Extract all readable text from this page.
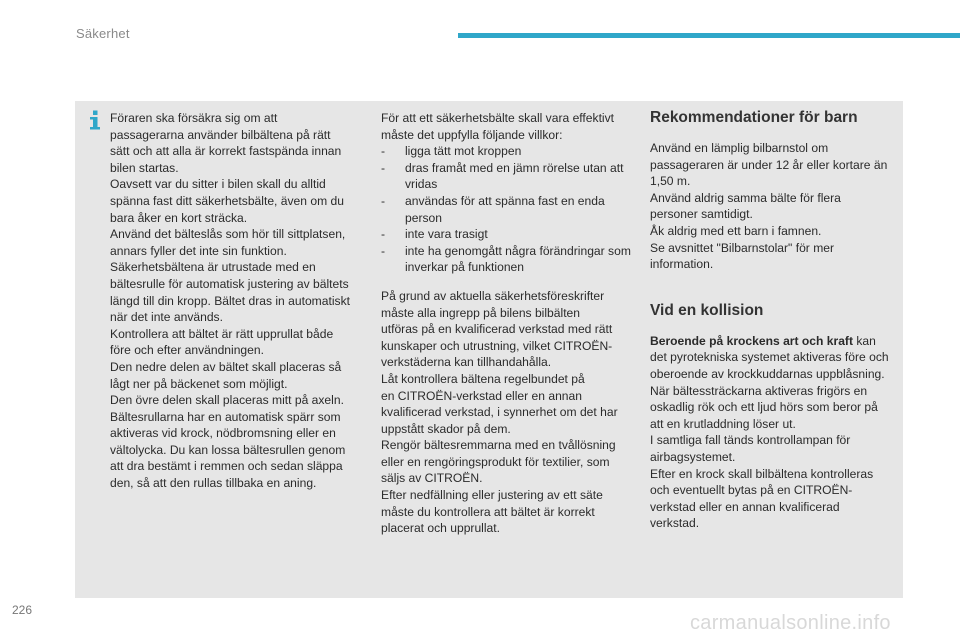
Säkerhet

Föraren ska försäkra sig om att

passagerarna använder bilbältena på rätt

sätt och att alla är korrekt fastspända innan

bilen startas.

Oavsett var du sitter i bilen skall du alltid

spänna fast ditt säkerhetsbälte, även om du

bara åker en kort sträcka.

Använd det bälteslås som hör till sittplatsen,

annars fyller det inte sin funktion.

Säkerhetsbältena är utrustade med en

bältesrulle för automatisk justering av bältets

längd till din kropp. Bältet dras in automatiskt

när det inte används.

Kontrollera att bältet är rätt upprullat både

före och efter användningen.

Den nedre delen av bältet skall placeras så

lågt ner på bäckenet som möjligt.

Den övre delen skall placeras mitt på axeln.

Bältesrullarna har en automatisk spärr som

aktiveras vid krock, nödbromsning eller en

vältolycka. Du kan lossa bältesrullen genom

att dra bestämt i remmen och sedan släppa

den, så att den rullas tillbaka en aning.

För att ett säkerhetsbälte skall vara effektivt

måste det uppfylla följande villkor:

- ligga tätt mot kroppen
- dras framåt med en jämn rörelse utan att vridas
- användas för att spänna fast en enda person
- inte vara trasigt
- inte ha genomgått några förändringar som inverkar på funktionen

På grund av aktuella säkerhetsföreskrifter

måste alla ingrepp på bilens bilbälten

utföras på en kvalificerad verkstad med rätt

kunskaper och utrustning, vilket CITROËN-

verkstäderna kan tillhandahålla.

Låt kontrollera bältena regelbundet på

en CITROËN-verkstad eller en annan

kvalificerad verkstad, i synnerhet om det har

uppstått skador på dem.

Rengör bältesremmarna med en tvållösning

eller en rengöringsprodukt för textilier, som

säljs av CITROËN.

Efter nedfällning eller justering av ett säte

måste du kontrollera att bältet är korrekt

placerat och upprullat.

Rekommendationer för barn

Använd en lämplig bilbarnstol om

passageraren är under 12 år eller kortare än

1,50 m.

Använd aldrig samma bälte för flera

personer samtidigt.

Åk aldrig med ett barn i famnen.

Se avsnittet "Bilbarnstolar" för mer

information.

Vid en kollision

Beroende på krockens art och kraft kan

det pyrotekniska systemet aktiveras före och

oberoende av krockkuddarnas uppblåsning.

När bältessträckarna aktiveras frigörs en

oskadlig rök och ett ljud hörs som beror på

att en krutladdning löser ut.

I samtliga fall tänds kontrollampan för

airbagsystemet.

Efter en krock skall bilbältena kontrolleras

och eventuellt bytas på en CITROËN-

verkstad eller en annan kvalificerad

verkstad.

226
carmanualsonline.info
